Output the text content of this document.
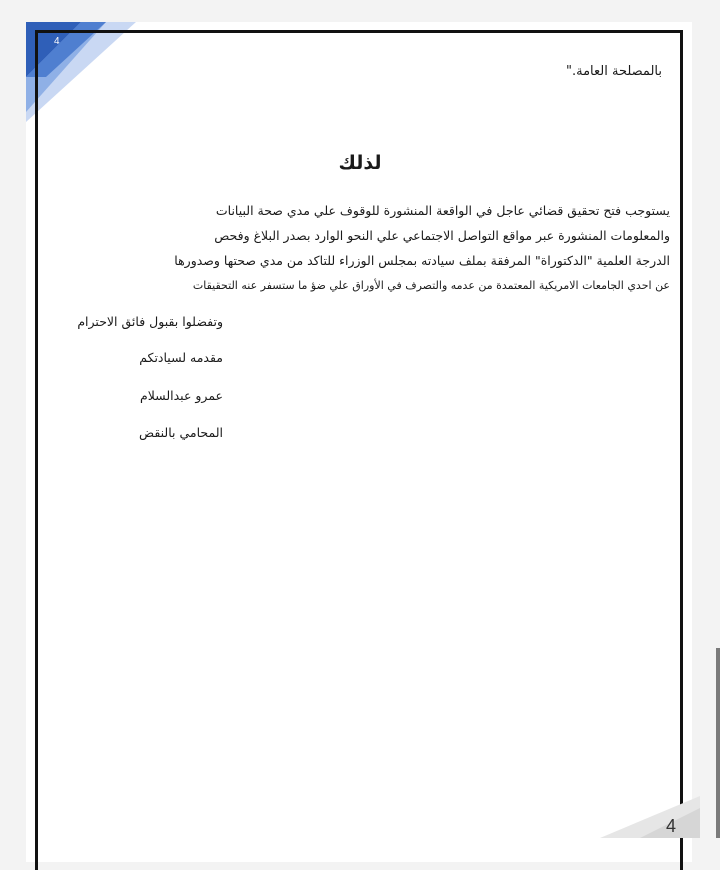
4
بالمصلحة العامة."
لذلك
يستوجب فتح تحقيق قضائي عاجل في الواقعة المنشورة للوقوف علي مدي صحة البيانات
والمعلومات المنشورة عبر مواقع التواصل الاجتماعي علي النحو الوارد بصدر البلاغ وفحص
الدرجة العلمية "الدكتوراة" المرفقة بملف سيادته بمجلس الوزراء للتاكد من مدي صحتها وصدورها
عن احدي الجامعات الامريكية المعتمدة من عدمه والتصرف في الأوراق علي ضؤ ما ستسفر عنه التحقيقات
وتفضلوا بقبول فائق الاحترام
مقدمه لسيادتكم
عمرو عبدالسلام
المحامي بالنقض
4
